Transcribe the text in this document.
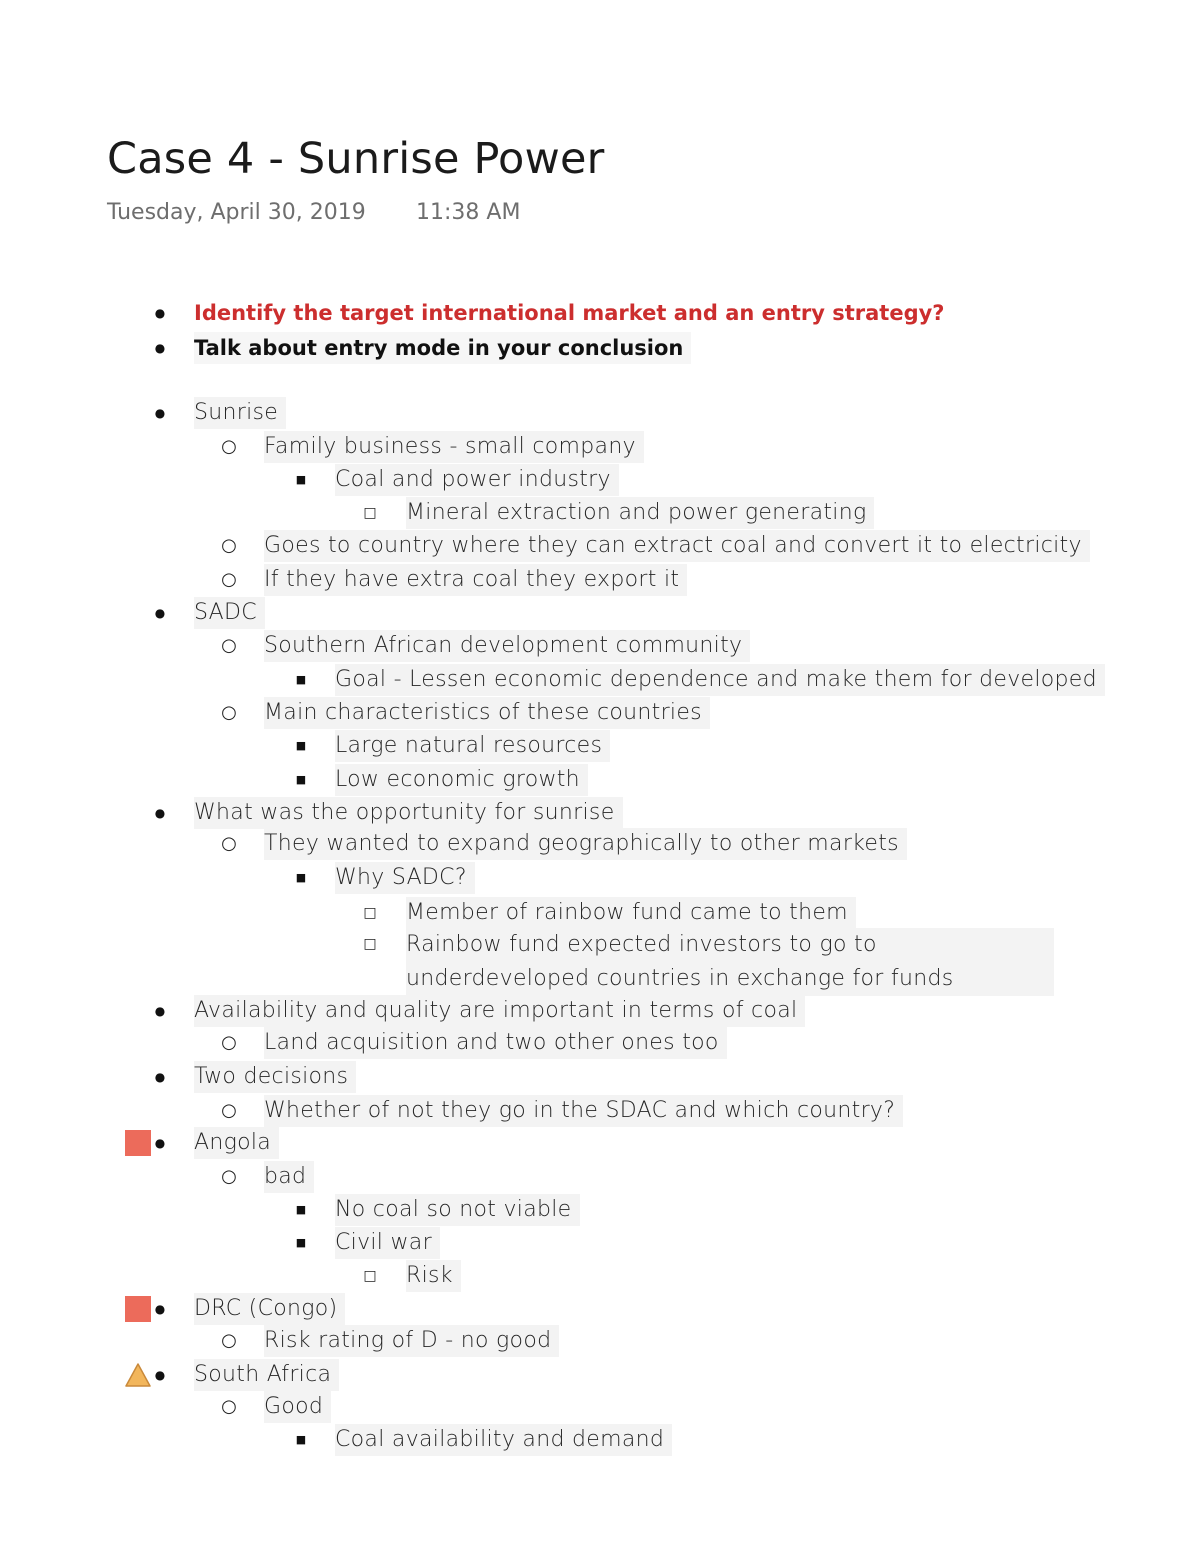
Case 4 - Sunrise Power
Tuesday, April 30, 2019 11:38 AM
● Identify the target international market and an entry strategy?
● Talk about entry mode in your conclusion
● Sunrise
○ Family business - small company
■ Coal and power industry
□ Mineral extraction and power generating
○ Goes to country where they can extract coal and convert it to electricity
○ If they have extra coal they export it
● SADC
○ Southern African development community
■ Goal - Lessen economic dependence and make them for developed
○ Main characteristics of these countries
■ Large natural resources
■ Low economic growth
● What was the opportunity for sunrise
○ They wanted to expand geographically to other markets
■ Why SADC?
□ Member of rainbow fund came to them
□ Rainbow fund expected investors to go to underdeveloped countries in exchange for funds
● Availability and quality are important in terms of coal
○ Land acquisition and two other ones too
● Two decisions
○ Whether of not they go in the SDAC and which country?
● Angola
○ bad
■ No coal so not viable
■ Civil war
□ Risk
● DRC (Congo)
○ Risk rating of D - no good
● South Africa
○ Good
■ Coal availability and demand
